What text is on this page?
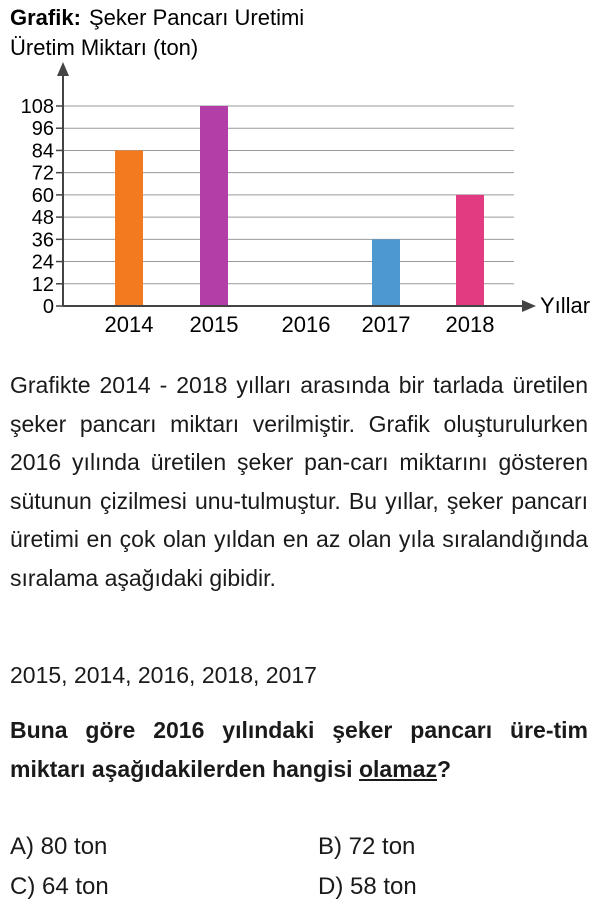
Grafik: Şeker Pancarı Uretimi
Üretim Miktarı (ton)
0
12
24
36
48
60
72
84
96
108
2014 2015 2016 2017 2018
Yıllar

Grafikte 2014 - 2018 yılları arasında bir tarlada üretilen şeker pancarı miktarı verilmiştir. Grafik oluşturulurken 2016 yılında üretilen şeker pan-carı miktarını gösteren sütunun çizilmesi unu-tulmuştur. Bu yıllar, şeker pancarı üretimi en çok olan yıldan en az olan yıla sıralandığında sıralama aşağıdaki gibidir.

2015, 2014, 2016, 2018, 2017
Buna göre 2016 yılındaki şeker pancarı üre-tim miktarı aşağıdakilerden hangisi olamaz?
A) 80 ton	B) 72 ton
C) 64 ton	D) 58 ton
